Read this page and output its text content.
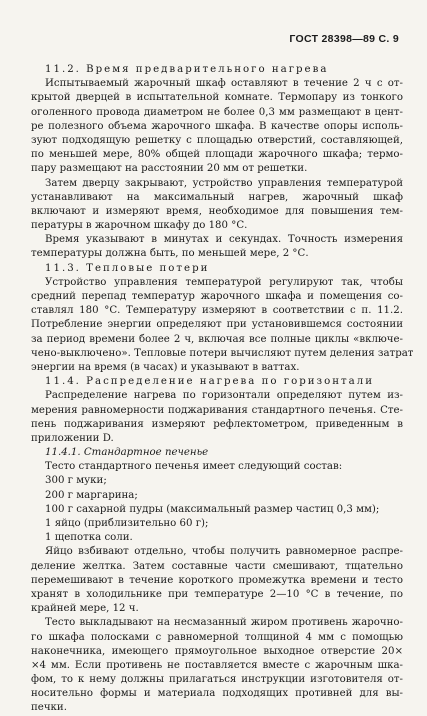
ГОСТ 28398—89 С. 9
11.2. Время предварительного нагрева
Испытываемый жарочный шкаф оставляют в течение 2 ч с от-
крытой дверцей в испытательной комнате. Термопару из тонкого
оголенного провода диаметром не более 0,3 мм размещают в цент-
ре полезного объема жарочного шкафа. В качестве опоры исполь-
зуют подходящую решетку с площадью отверстий, составляющей,
по меньшей мере, 80% общей площади жарочного шкафа; термо-
пару размещают на расстоянии 20 мм от решетки.
Затем дверцу закрывают, устройство управления температурой
устанавливают на максимальный нагрев, жарочный шкаф
включают и измеряют время, необходимое для повышения тем-
пературы в жарочном шкафу до 180 °С.
Время указывают в минутах и секундах. Точность измерения
температуры должна быть, по меньшей мере, 2 °С.
11.3. Тепловые потери
Устройство управления температурой регулируют так, чтобы
средний перепад температур жарочного шкафа и помещения со-
ставлял 180 °С. Температуру измеряют в соответствии с п. 11.2.
Потребление энергии определяют при установившемся состоянии
за период времени более 2 ч, включая все полные циклы «включе-
чено-выключено». Тепловые потери вычисляют путем деления затрат
энергии на время (в часах) и указывают в ваттах.
11.4. Распределение нагрева по горизонтали
Распределение нагрева по горизонтали определяют путем из-
мерения равномерности поджаривания стандартного печенья. Сте-
пень поджаривания измеряют рефлектометром, приведенным в
приложении D.
11.4.1. Стандартное печенье
Тесто стандартного печенья имеет следующий состав:
300 г муки;
200 г маргарина;
100 г сахарной пудры (максимальный размер частиц 0,3 мм);
1 яйцо (приблизительно 60 г);
1 щепотка соли.
Яйцо взбивают отдельно, чтобы получить равномерное распре-
деление желтка. Затем составные части смешивают, тщательно
перемешивают в течение короткого промежутка времени и тесто
хранят в холодильнике при температуре 2—10 °С в течение, по
крайней мере, 12 ч.
Тесто выкладывают на несмазанный жиром противень жарочно-
го шкафа полосками с равномерной толщиной 4 мм с помощью
наконечника, имеющего прямоугольное выходное отверстие 20×
×4 мм. Если противень не поставляется вместе с жарочным шка-
фом, то к нему должны прилагаться инструкции изготовителя от-
носительно формы и материала подходящих противней для вы-
печки.
